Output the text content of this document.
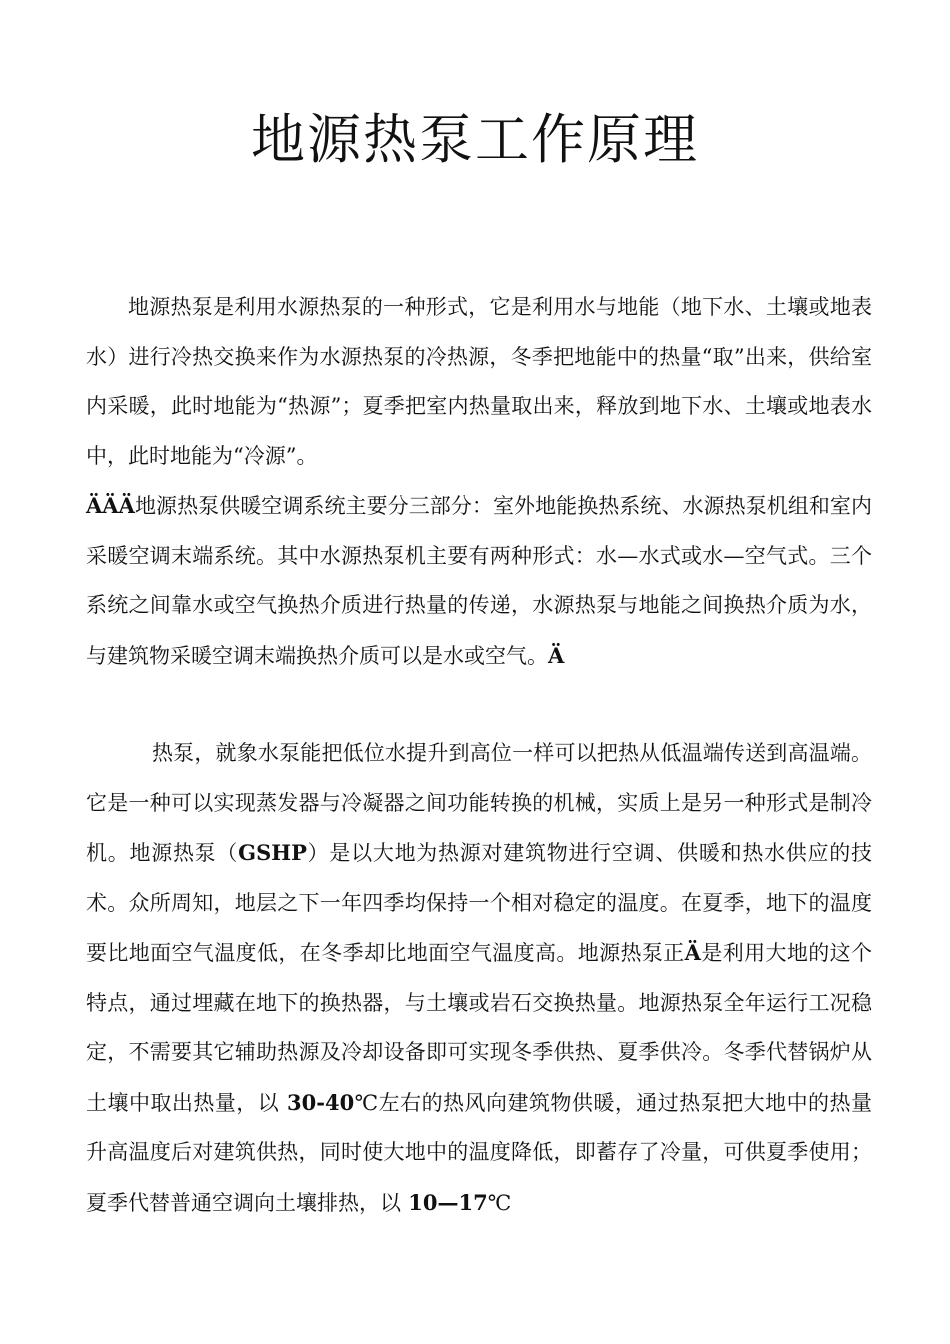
地源热泵工作原理

地源热泵是利用水源热泵的一种形式，它是利用水与地能（地下水、土壤或地表水）进行冷热交换来作为水源热泵的冷热源，冬季把地能中的热量“取”出来，供给室内采暖，此时地能为“热源”；夏季把室内热量取出来，释放到地下水、土壤或地表水中，此时地能为“冷源”。

ÄÄÄ地源热泵供暖空调系统主要分三部分：室外地能换热系统、水源热泵机组和室内采暖空调末端系统。其中水源热泵机主要有两种形式：水—水式或水—空气式。三个系统之间靠水或空气换热介质进行热量的传递，水源热泵与地能之间换热介质为水，与建筑物采暖空调末端换热介质可以是水或空气。Ä

热泵，就象水泵能把低位水提升到高位一样可以把热从低温端传送到高温端。它是一种可以实现蒸发器与冷凝器之间功能转换的机械，实质上是另一种形式是制冷机。地源热泵（GSHP）是以大地为热源对建筑物进行空调、供暖和热水供应的技术。众所周知，地层之下一年四季均保持一个相对稳定的温度。在夏季，地下的温度要比地面空气温度低，在冬季却比地面空气温度高。地源热泵正Ä是利用大地的这个特点，通过埋藏在地下的换热器，与土壤或岩石交换热量。地源热泵全年运行工况稳定，不需要其它辅助热源及冷却设备即可实现冬季供热、夏季供冷。冬季代替锅炉从土壤中取出热量，以 30-40℃左右的热风向建筑物供暖，通过热泵把大地中的热量升高温度后对建筑供热，同时使大地中的温度降低，即蓄存了冷量，可供夏季使用；夏季代替普通空调向土壤排热，以 10—17℃
